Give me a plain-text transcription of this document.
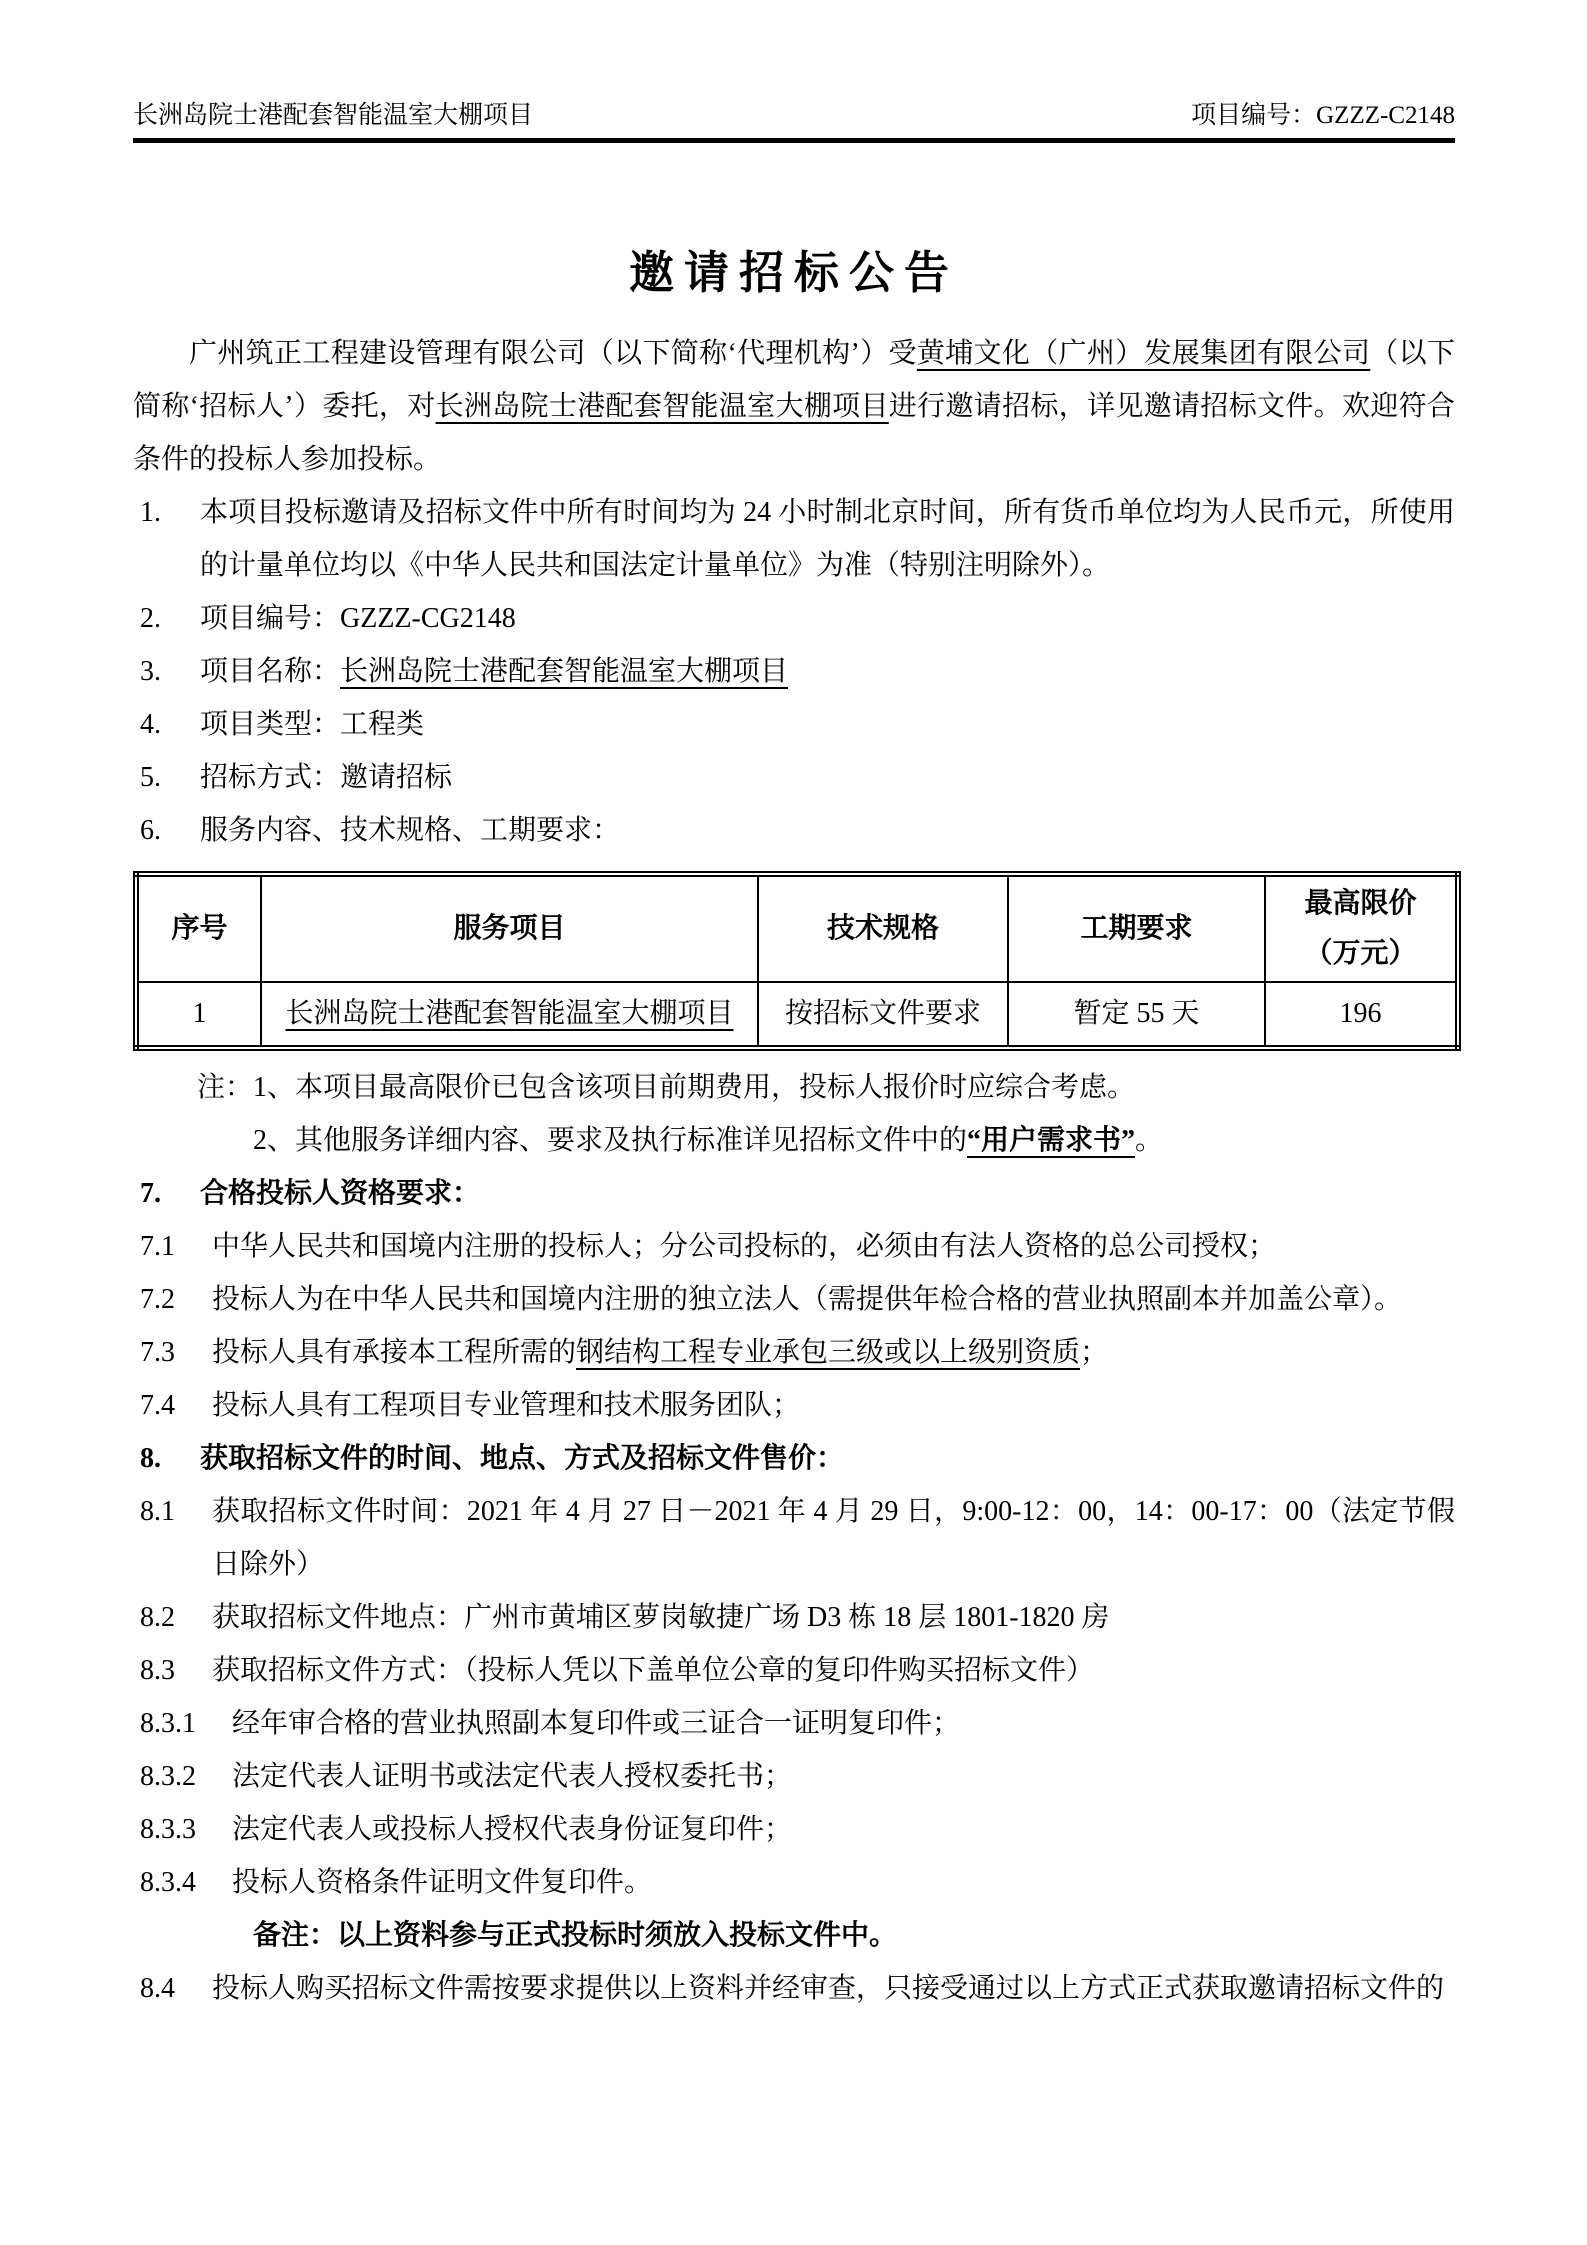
长洲岛院士港配套智能温室大棚项目	项目编号：GZZZ-C2148
邀请招标公告

广州筑正工程建设管理有限公司（以下简称‘代理机构’）受黄埔文化（广州）发展集团有限公司（以下简称‘招标人’）委托，对长洲岛院士港配套智能温室大棚项目进行邀请招标，详见邀请招标文件。欢迎符合条件的投标人参加投标。

1. 本项目投标邀请及招标文件中所有时间均为 24 小时制北京时间，所有货币单位均为人民币元，所使用的计量单位均以《中华人民共和国法定计量单位》为准（特别注明除外）。
2. 项目编号：GZZZ-CG2148
3. 项目名称：长洲岛院士港配套智能温室大棚项目
4. 项目类型：工程类
5. 招标方式：邀请招标
6. 服务内容、技术规格、工期要求：
序号	服务项目	技术规格	工期要求	最高限价
（万元）

1	长洲岛院士港配套智能温室大棚项目	按招标文件要求	暂定 55 天	196
注：1、本项目最高限价已包含该项目前期费用，投标人报价时应综合考虑。
2、其他服务详细内容、要求及执行标准详见招标文件中的“用户需求书”。
7. 合格投标人资格要求：
7.1 中华人民共和国境内注册的投标人；分公司投标的，必须由有法人资格的总公司授权；
7.2 投标人为在中华人民共和国境内注册的独立法人（需提供年检合格的营业执照副本并加盖公章）。
7.3 投标人具有承接本工程所需的钢结构工程专业承包三级或以上级别资质；
7.4 投标人具有工程项目专业管理和技术服务团队；
8. 获取招标文件的时间、地点、方式及招标文件售价：
8.1 获取招标文件时间：2021 年 4 月 27 日－2021 年 4 月 29 日，9:00-12：00，14：00-17：00（法定节假日除外）
8.2 获取招标文件地点：广州市黄埔区萝岗敏捷广场 D3 栋 18 层 1801-1820 房
8.3 获取招标文件方式：（投标人凭以下盖单位公章的复印件购买招标文件）
8.3.1 经年审合格的营业执照副本复印件或三证合一证明复印件；
8.3.2 法定代表人证明书或法定代表人授权委托书；
8.3.3 法定代表人或投标人授权代表身份证复印件；
8.3.4 投标人资格条件证明文件复印件。
备注：以上资料参与正式投标时须放入投标文件中。
8.4 投标人购买招标文件需按要求提供以上资料并经审查，只接受通过以上方式正式获取邀请招标文件的
